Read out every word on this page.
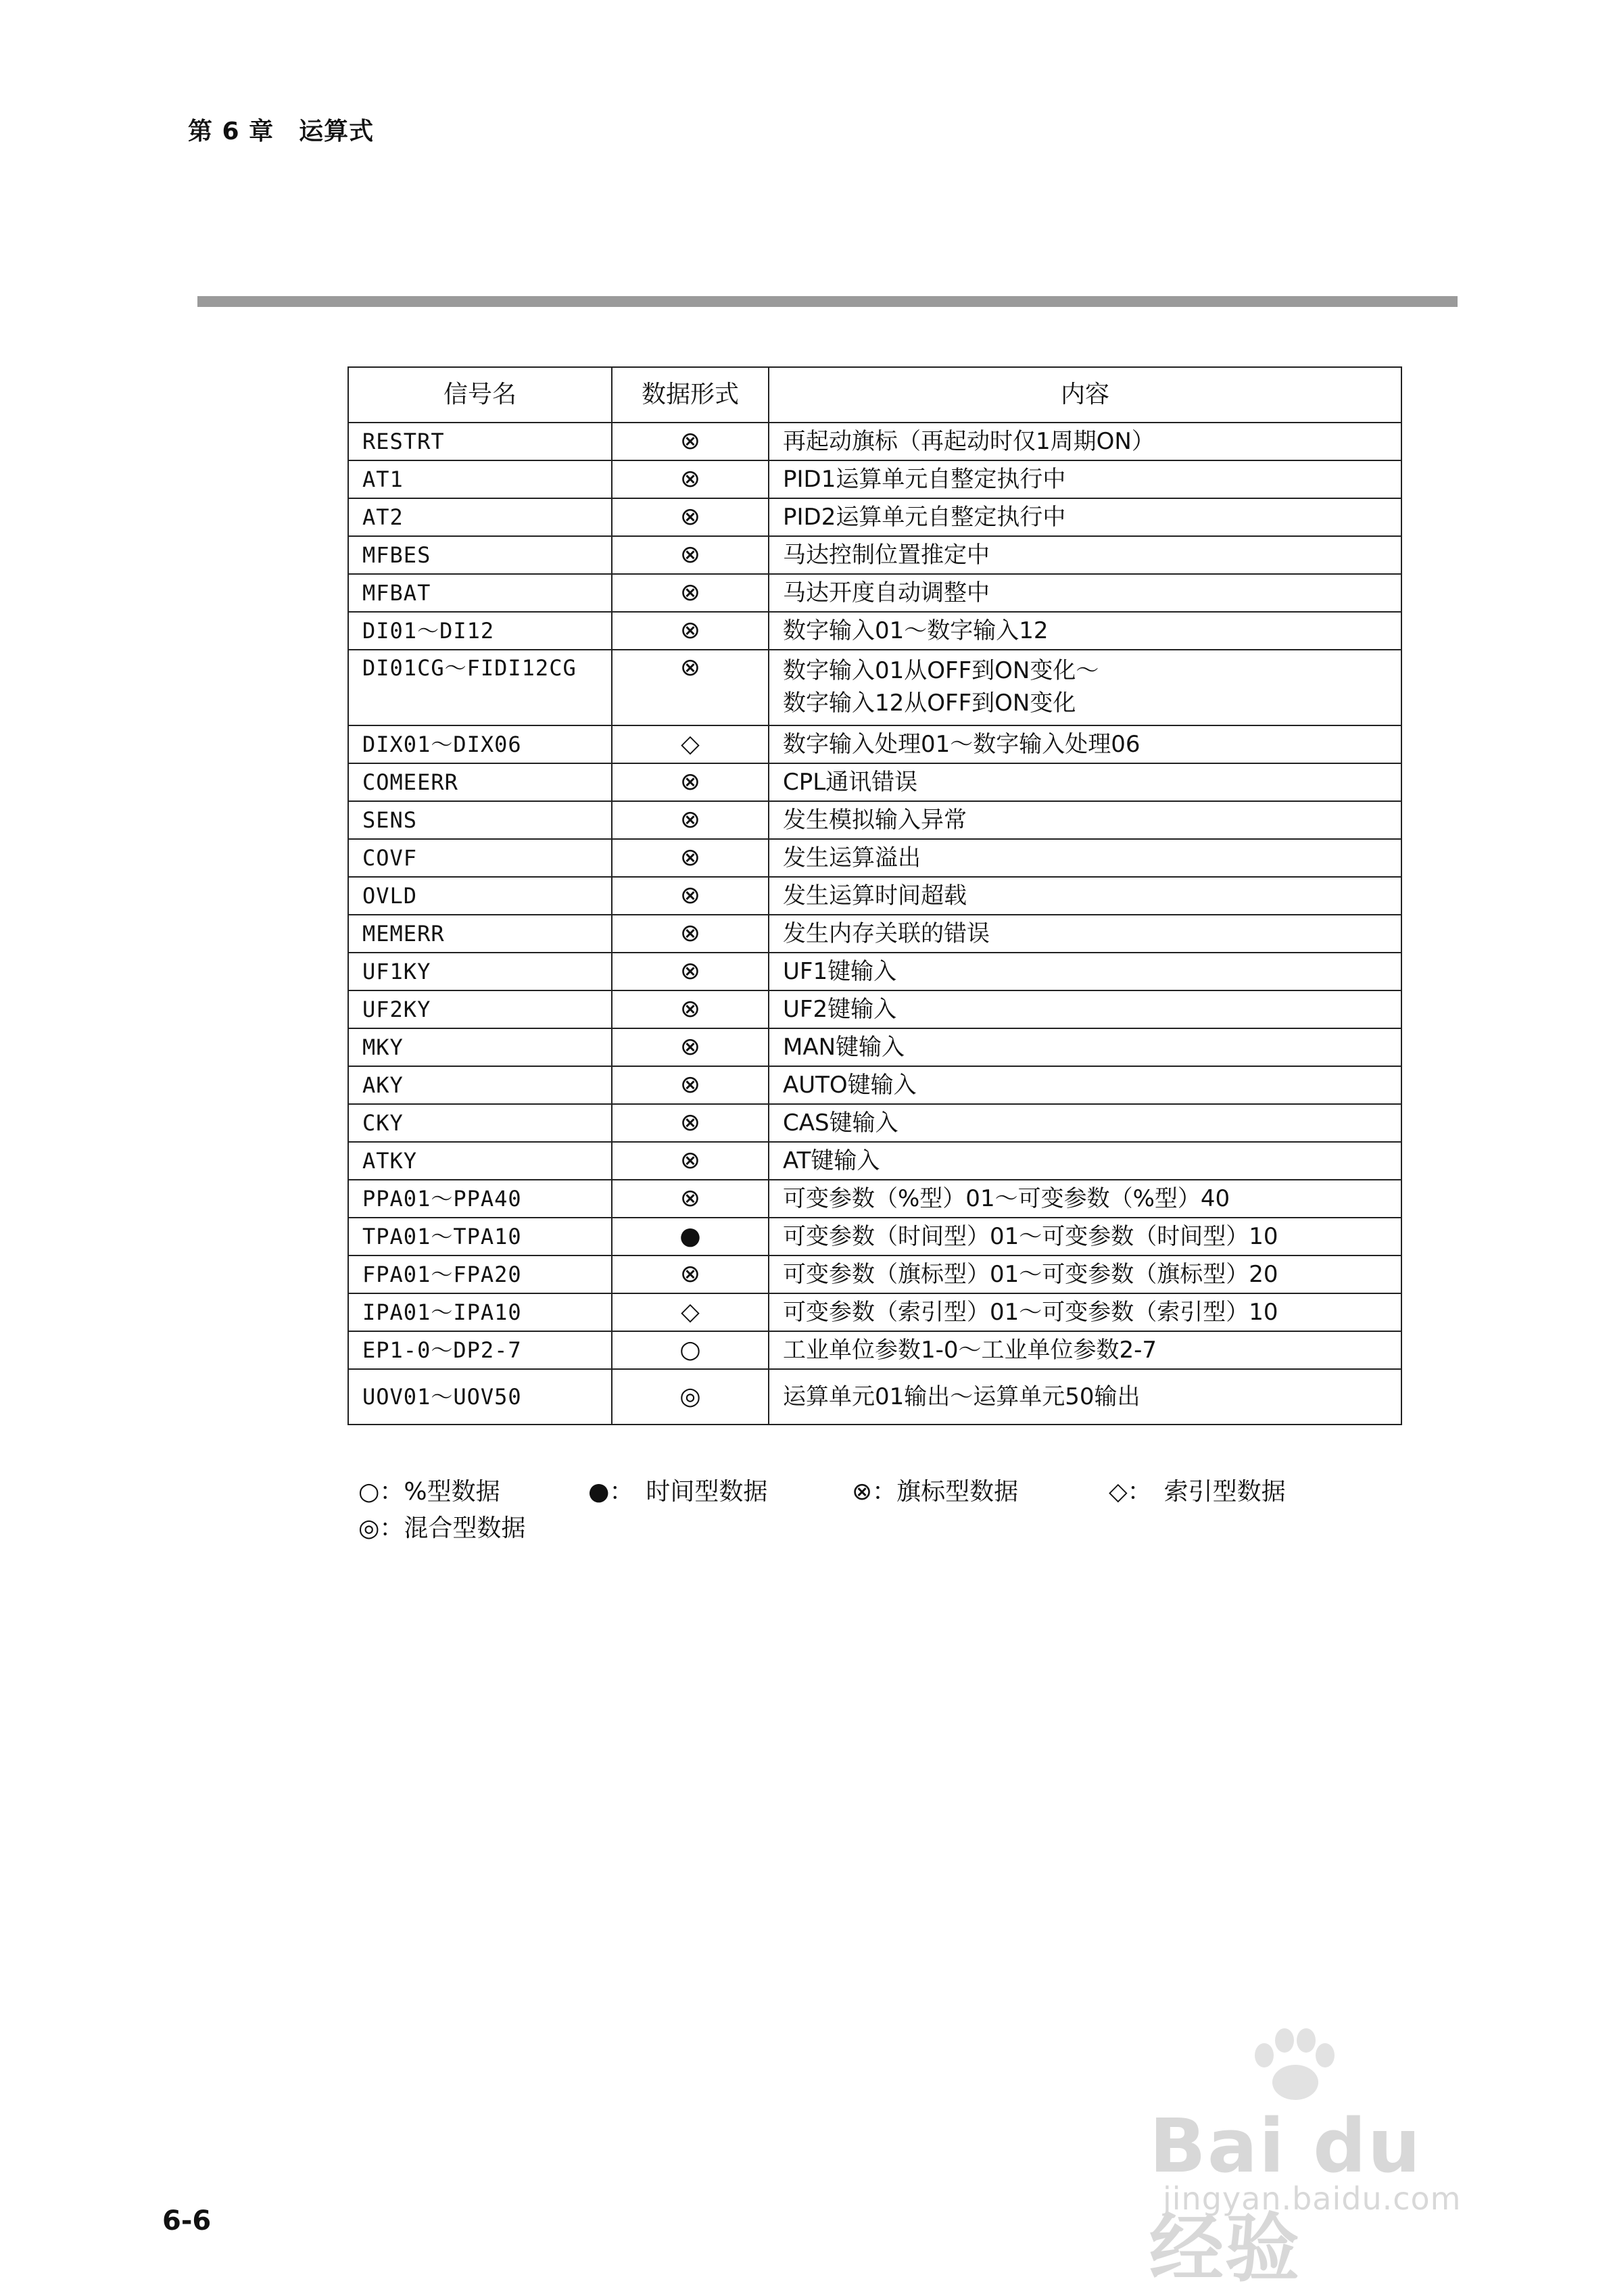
第 6 章　运算式
信号名	数据形式	内容
RESTRT	⊗	再起动旗标（再起动时仅1周期ON）

AT1	⊗	PID1运算单元自整定执行中

AT2	⊗	PID2运算单元自整定执行中

MFBES	⊗	马达控制位置推定中

MFBAT	⊗	马达开度自动调整中

DI01～DI12	⊗	数字输入01～数字输入12

DI01CG～FIDI12CG	⊗	数字输入01从OFF到ON变化～
数字输入12从OFF到ON变化

DIX01～DIX06	◇	数字输入处理01～数字输入处理06

COMEERR	⊗	CPL通讯错误

SENS	⊗	发生模拟输入异常

COVF	⊗	发生运算溢出

OVLD	⊗	发生运算时间超载

MEMERR	⊗	发生内存关联的错误

UF1KY	⊗	UF1键输入

UF2KY	⊗	UF2键输入

MKY	⊗	MAN键输入

AKY	⊗	AUTO键输入

CKY	⊗	CAS键输入

ATKY	⊗	AT键输入

PPA01～PPA40	⊗	可变参数（%型）01～可变参数（%型）40

TPA01～TPA10	●	可变参数（时间型）01～可变参数（时间型）10

FPA01～FPA20	⊗	可变参数（旗标型）01～可变参数（旗标型）20

IPA01～IPA10	◇	可变参数（索引型）01～可变参数（索引型）10

EP1-0～DP2-7	○	工业单位参数1-0～工业单位参数2-7

UOV01～UOV50	◎	运算单元01输出～运算单元50输出
○：%型数据	●：　时间型数据	⊗：旗标型数据	◇：　索引型数据
◎：混合型数据
6-6
Bai du 经验
jingyan.baidu.com
